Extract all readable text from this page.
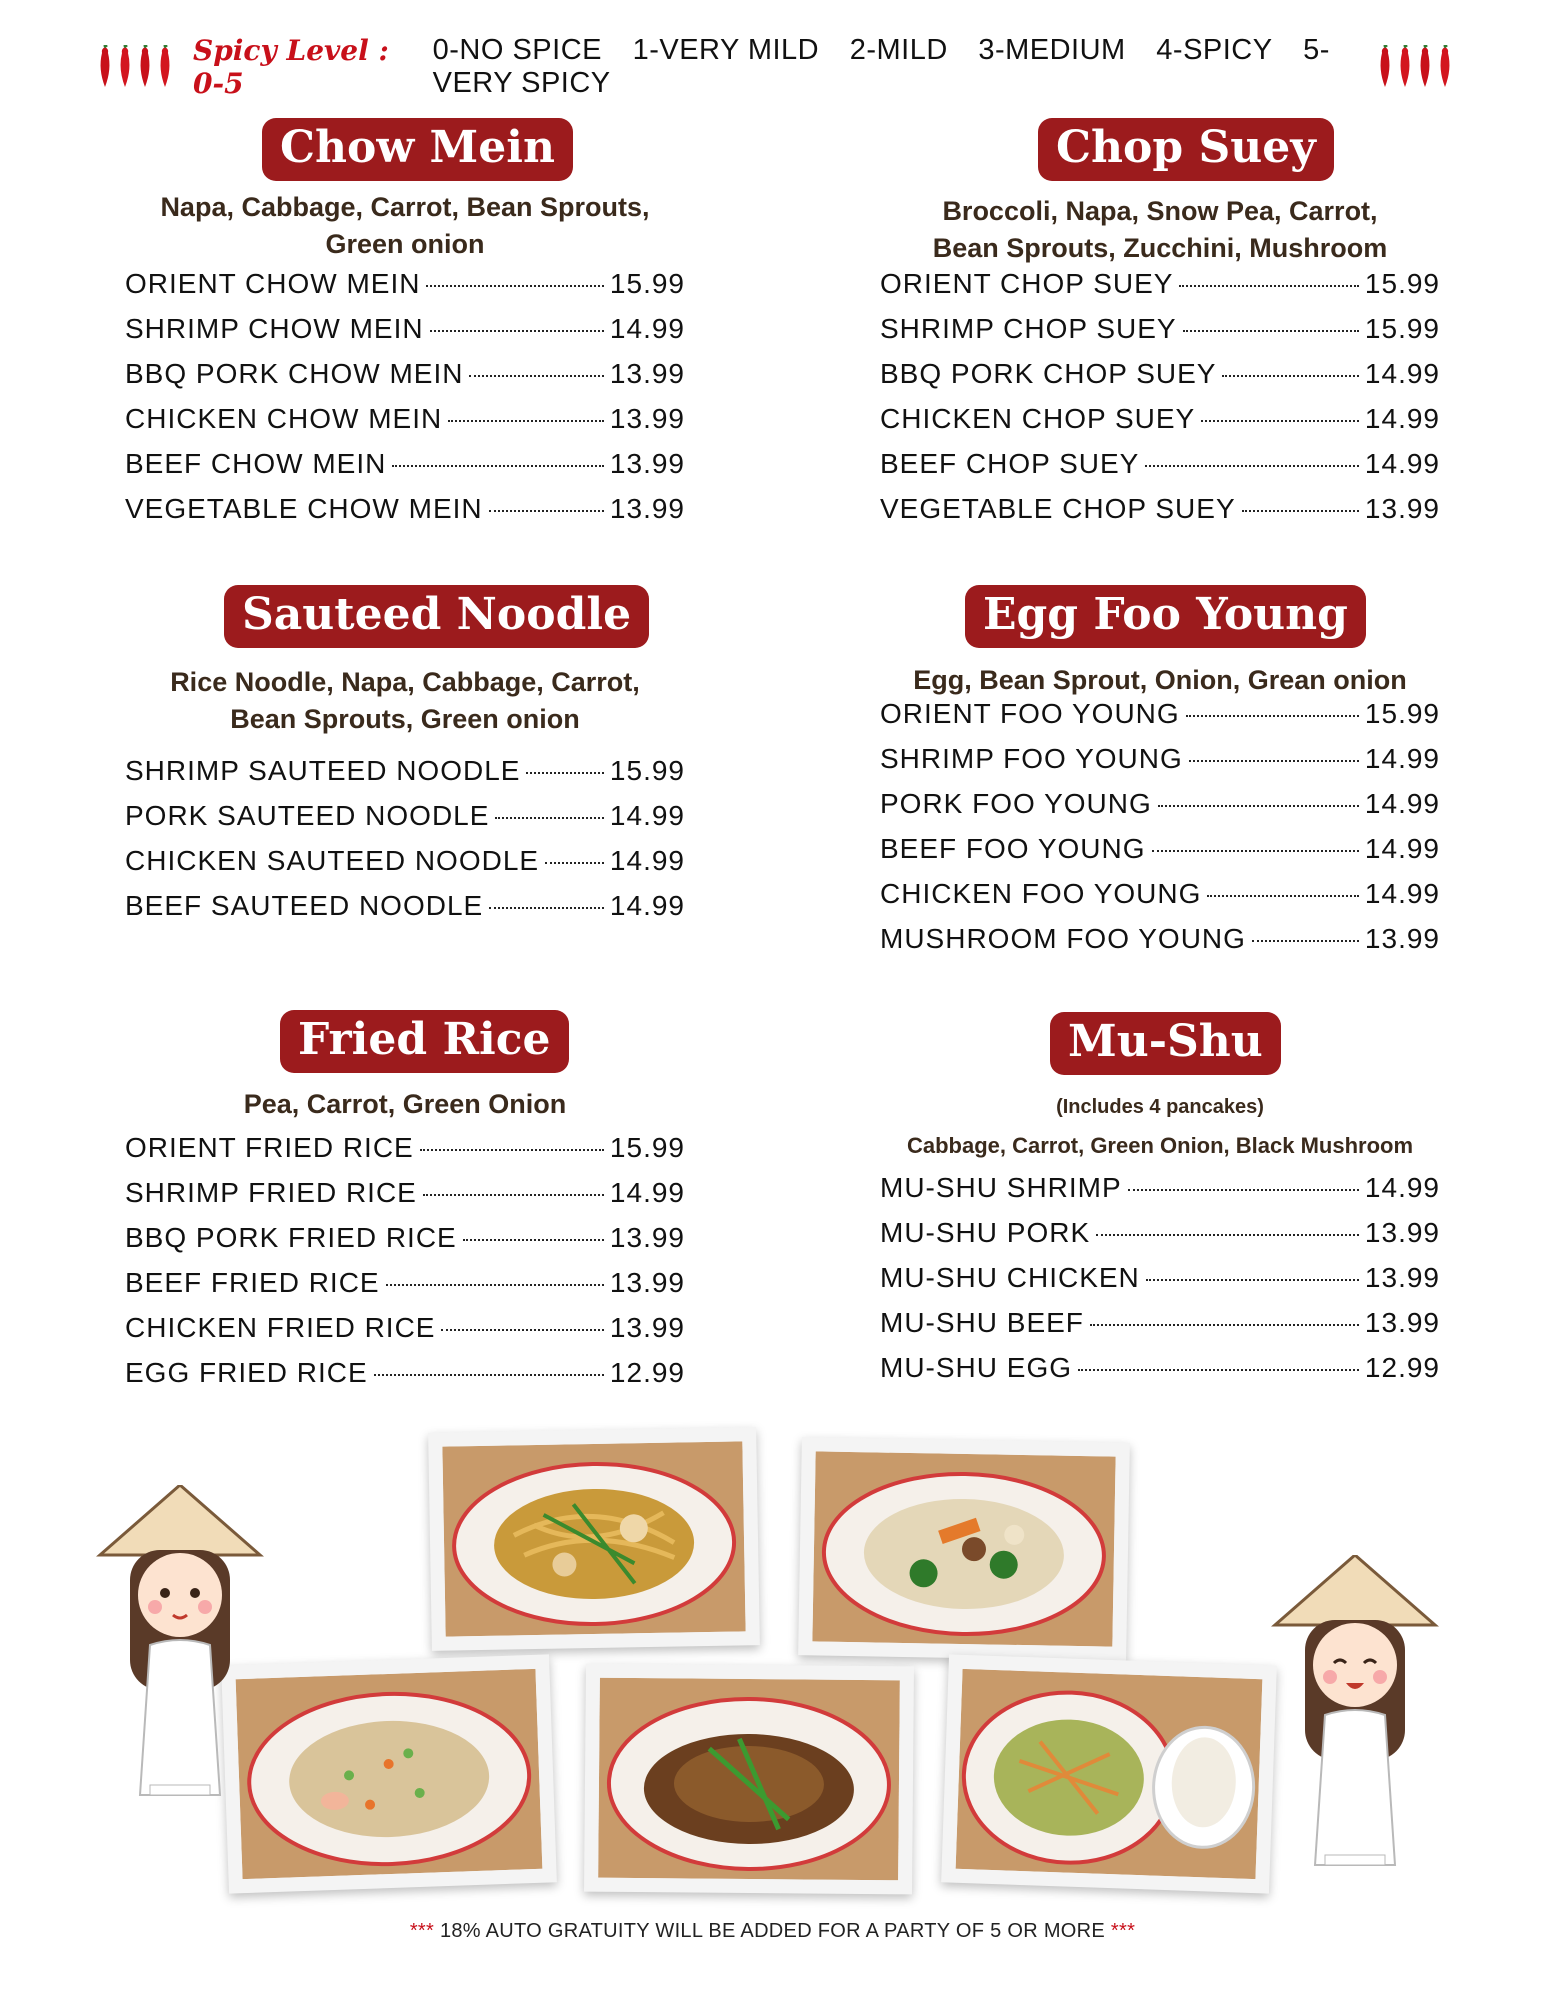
Spicy Level : 0-5
0-NO SPICE 1-VERY MILD 2-MILD 3-MEDIUM 4-SPICY 5-VERY SPICY
Chow Mein
Napa, Cabbage, Carrot, Bean Sprouts,
Green onion
ORIENT CHOW MEIN	15.99
SHRIMP CHOW MEIN	14.99
BBQ PORK CHOW MEIN	13.99
CHICKEN CHOW MEIN	13.99
BEEF CHOW MEIN	13.99
VEGETABLE CHOW MEIN	13.99
Chop Suey
Broccoli, Napa, Snow Pea, Carrot,
Bean Sprouts, Zucchini, Mushroom
ORIENT CHOP SUEY	15.99
SHRIMP CHOP SUEY	15.99
BBQ PORK CHOP SUEY	14.99
CHICKEN CHOP SUEY	14.99
BEEF CHOP SUEY	14.99
VEGETABLE CHOP SUEY	13.99
Sauteed Noodle
Rice Noodle, Napa, Cabbage, Carrot,
Bean Sprouts, Green onion
SHRIMP SAUTEED NOODLE	15.99
PORK SAUTEED NOODLE	14.99
CHICKEN SAUTEED NOODLE	14.99
BEEF SAUTEED NOODLE	14.99
Egg Foo Young
Egg, Bean Sprout, Onion, Grean onion
ORIENT FOO YOUNG	15.99
SHRIMP FOO YOUNG	14.99
PORK FOO YOUNG	14.99
BEEF FOO YOUNG	14.99
CHICKEN FOO YOUNG	14.99
MUSHROOM FOO YOUNG	13.99
Fried Rice
Pea, Carrot, Green Onion
ORIENT FRIED RICE	15.99
SHRIMP FRIED RICE	14.99
BBQ PORK FRIED RICE	13.99
BEEF FRIED RICE	13.99
CHICKEN FRIED RICE	13.99
EGG FRIED RICE	12.99
Mu-Shu
(Includes 4 pancakes)
Cabbage, Carrot, Green Onion, Black Mushroom
MU-SHU SHRIMP	14.99
MU-SHU PORK	13.99
MU-SHU CHICKEN	13.99
MU-SHU BEEF	13.99
MU-SHU EGG	12.99
*** 18% AUTO GRATUITY WILL BE ADDED FOR A PARTY OF 5 OR MORE ***
